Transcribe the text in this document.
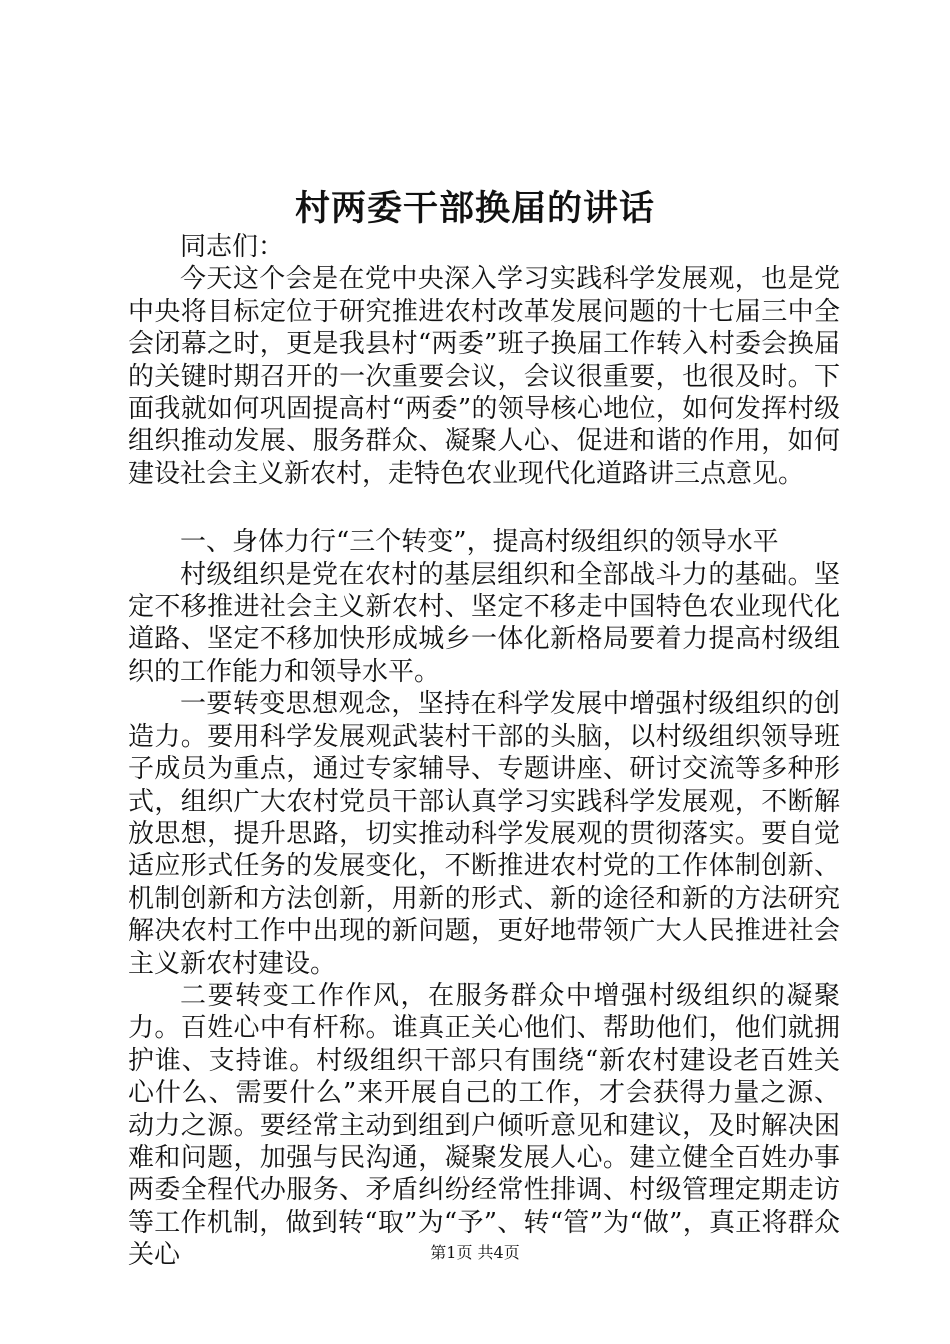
村两委干部换届的讲话

同志们：

今天这个会是在党中央深入学习实践科学发展观，也是党中央将目标定位于研究推进农村改革发展问题的十七届三中全会闭幕之时，更是我县村“两委”班子换届工作转入村委会换届的关键时期召开的一次重要会议，会议很重要，也很及时。下面我就如何巩固提高村“两委”的领导核心地位，如何发挥村级组织推动发展、服务群众、凝聚人心、促进和谐的作用，如何建设社会主义新农村，走特色农业现代化道路讲三点意见。

一、身体力行“三个转变”，提高村级组织的领导水平

村级组织是党在农村的基层组织和全部战斗力的基础。坚定不移推进社会主义新农村、坚定不移走中国特色农业现代化道路、坚定不移加快形成城乡一体化新格局要着力提高村级组织的工作能力和领导水平。

一要转变思想观念，坚持在科学发展中增强村级组织的创造力。要用科学发展观武装村干部的头脑，以村级组织领导班子成员为重点，通过专家辅导、专题讲座、研讨交流等多种形式，组织广大农村党员干部认真学习实践科学发展观，不断解放思想，提升思路，切实推动科学发展观的贯彻落实。要自觉适应形式任务的发展变化，不断推进农村党的工作体制创新、机制创新和方法创新，用新的形式、新的途径和新的方法研究解决农村工作中出现的新问题，更好地带领广大人民推进社会主义新农村建设。

二要转变工作作风，在服务群众中增强村级组织的凝聚力。百姓心中有杆称。谁真正关心他们、帮助他们，他们就拥护谁、支持谁。村级组织干部只有围绕“新农村建设老百姓关心什么、需要什么”来开展自己的工作，才会获得力量之源、动力之源。要经常主动到组到户倾听意见和建议，及时解决困难和问题，加强与民沟通，凝聚发展人心。建立健全百姓办事两委全程代办服务、矛盾纠纷经常性排调、村级管理定期走访等工作机制，做到转“取”为“予”、转“管”为“做”，真正将群众关心	第1页 共4页
